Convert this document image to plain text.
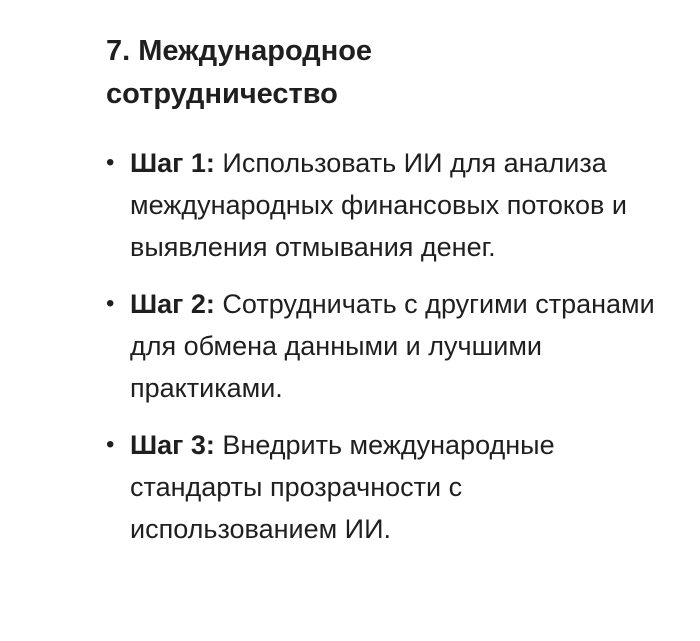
7. Международное
сотрудничество
• Шаг 1: Использовать ИИ для анализа международных финансовых потоков и выявления отмывания денег.
• Шаг 2: Сотрудничать с другими странами для обмена данными и лучшими практиками.
• Шаг 3: Внедрить международные стандарты прозрачности с использованием ИИ.
